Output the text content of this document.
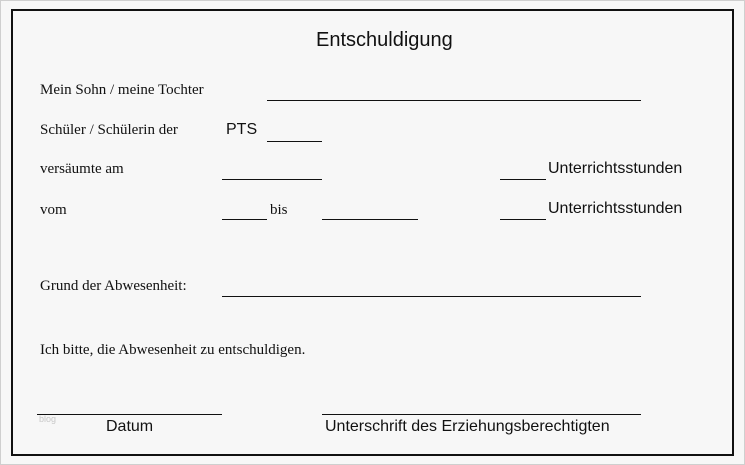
Entschuldigung
Mein Sohn / meine Tochter
Schüler / Schülerin der	PTS
versäumte am	Unterrichtsstunden
vom	bis	Unterrichtsstunden
Grund der Abwesenheit:
Ich bitte, die Abwesenheit zu entschuldigen.
blog	Datum	Unterschrift des Erziehungsberechtigten
